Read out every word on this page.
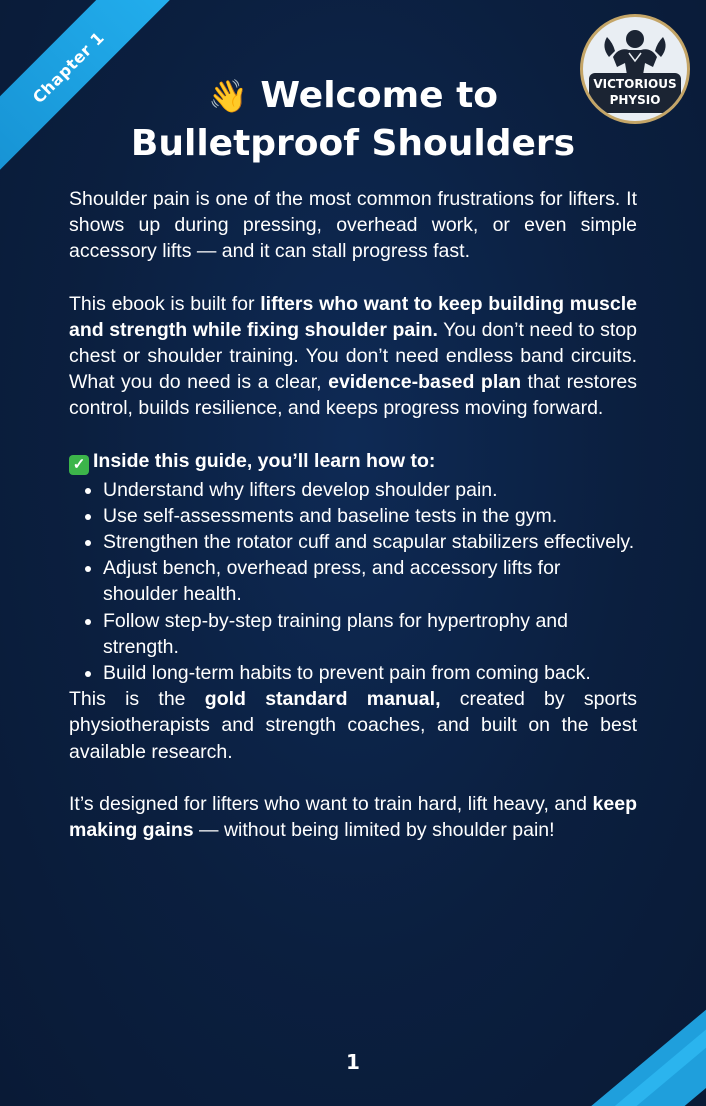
Chapter 1	VICTORIOUS
PHYSIO
👋 Welcome to
Bulletproof Shoulders

Shoulder pain is one of the most common frustrations for lifters. It shows up during pressing, overhead work, or even simple accessory lifts — and it can stall progress fast.

This ebook is built for lifters who want to keep building muscle and strength while fixing shoulder pain. You don’t need to stop chest or shoulder training. You don’t need endless band circuits. What you do need is a clear, evidence-based plan that restores control, builds resilience, and keeps progress moving forward.

✓ Inside this guide, you’ll learn how to:
• Understand why lifters develop shoulder pain.
• Use self-assessments and baseline tests in the gym.
• Strengthen the rotator cuff and scapular stabilizers effectively.
• Adjust bench, overhead press, and accessory lifts for shoulder health.
• Follow step-by-step training plans for hypertrophy and strength.
• Build long-term habits to prevent pain from coming back.

This is the gold standard manual, created by sports physiotherapists and strength coaches, and built on the best available research.

It’s designed for lifters who want to train hard, lift heavy, and keep making gains — without being limited by shoulder pain!

1
